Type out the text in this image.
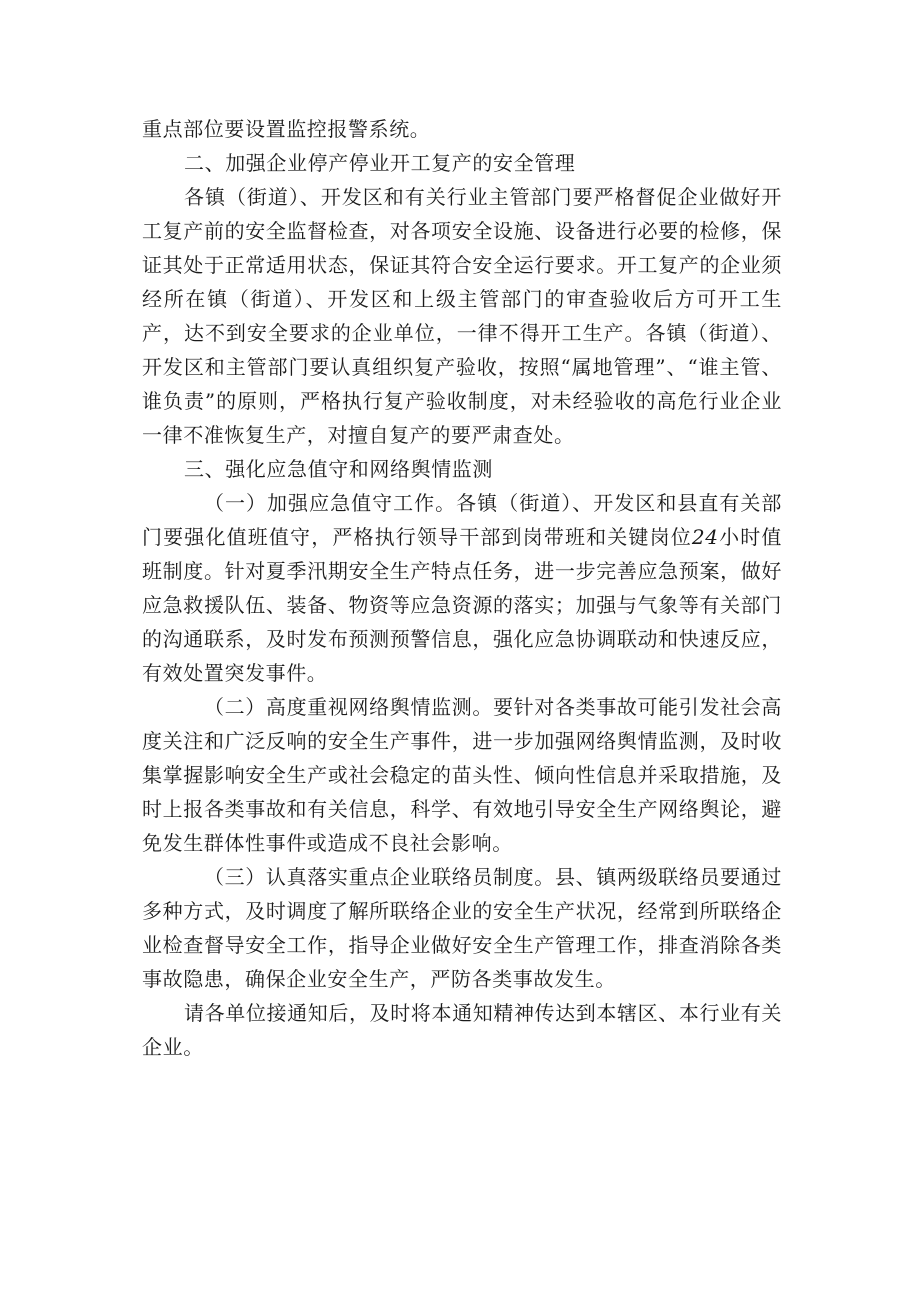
重点部位要设置监控报警系统。

二、加强企业停产停业开工复产的安全管理

各镇（街道）、开发区和有关行业主管部门要严格督促企业做好开工复产前的安全监督检查，对各项安全设施、设备进行必要的检修，保证其处于正常适用状态，保证其符合安全运行要求。开工复产的企业须经所在镇（街道）、开发区和上级主管部门的审查验收后方可开工生产，达不到安全要求的企业单位，一律不得开工生产。各镇（街道）、开发区和主管部门要认真组织复产验收，按照“属地管理”、“谁主管、谁负责”的原则，严格执行复产验收制度，对未经验收的高危行业企业一律不准恢复生产，对擅自复产的要严肃查处。

三、强化应急值守和网络舆情监测

（一）加强应急值守工作。各镇（街道）、开发区和县直有关部门要强化值班值守，严格执行领导干部到岗带班和关键岗位24小时值班制度。针对夏季汛期安全生产特点任务，进一步完善应急预案，做好应急救援队伍、装备、物资等应急资源的落实；加强与气象等有关部门的沟通联系，及时发布预测预警信息，强化应急协调联动和快速反应，有效处置突发事件。

（二）高度重视网络舆情监测。要针对各类事故可能引发社会高度关注和广泛反响的安全生产事件，进一步加强网络舆情监测，及时收集掌握影响安全生产或社会稳定的苗头性、倾向性信息并采取措施，及时上报各类事故和有关信息，科学、有效地引导安全生产网络舆论，避免发生群体性事件或造成不良社会影响。

（三）认真落实重点企业联络员制度。县、镇两级联络员要通过多种方式，及时调度了解所联络企业的安全生产状况，经常到所联络企业检查督导安全工作，指导企业做好安全生产管理工作，排查消除各类事故隐患，确保企业安全生产，严防各类事故发生。

请各单位接通知后，及时将本通知精神传达到本辖区、本行业有关企业。
